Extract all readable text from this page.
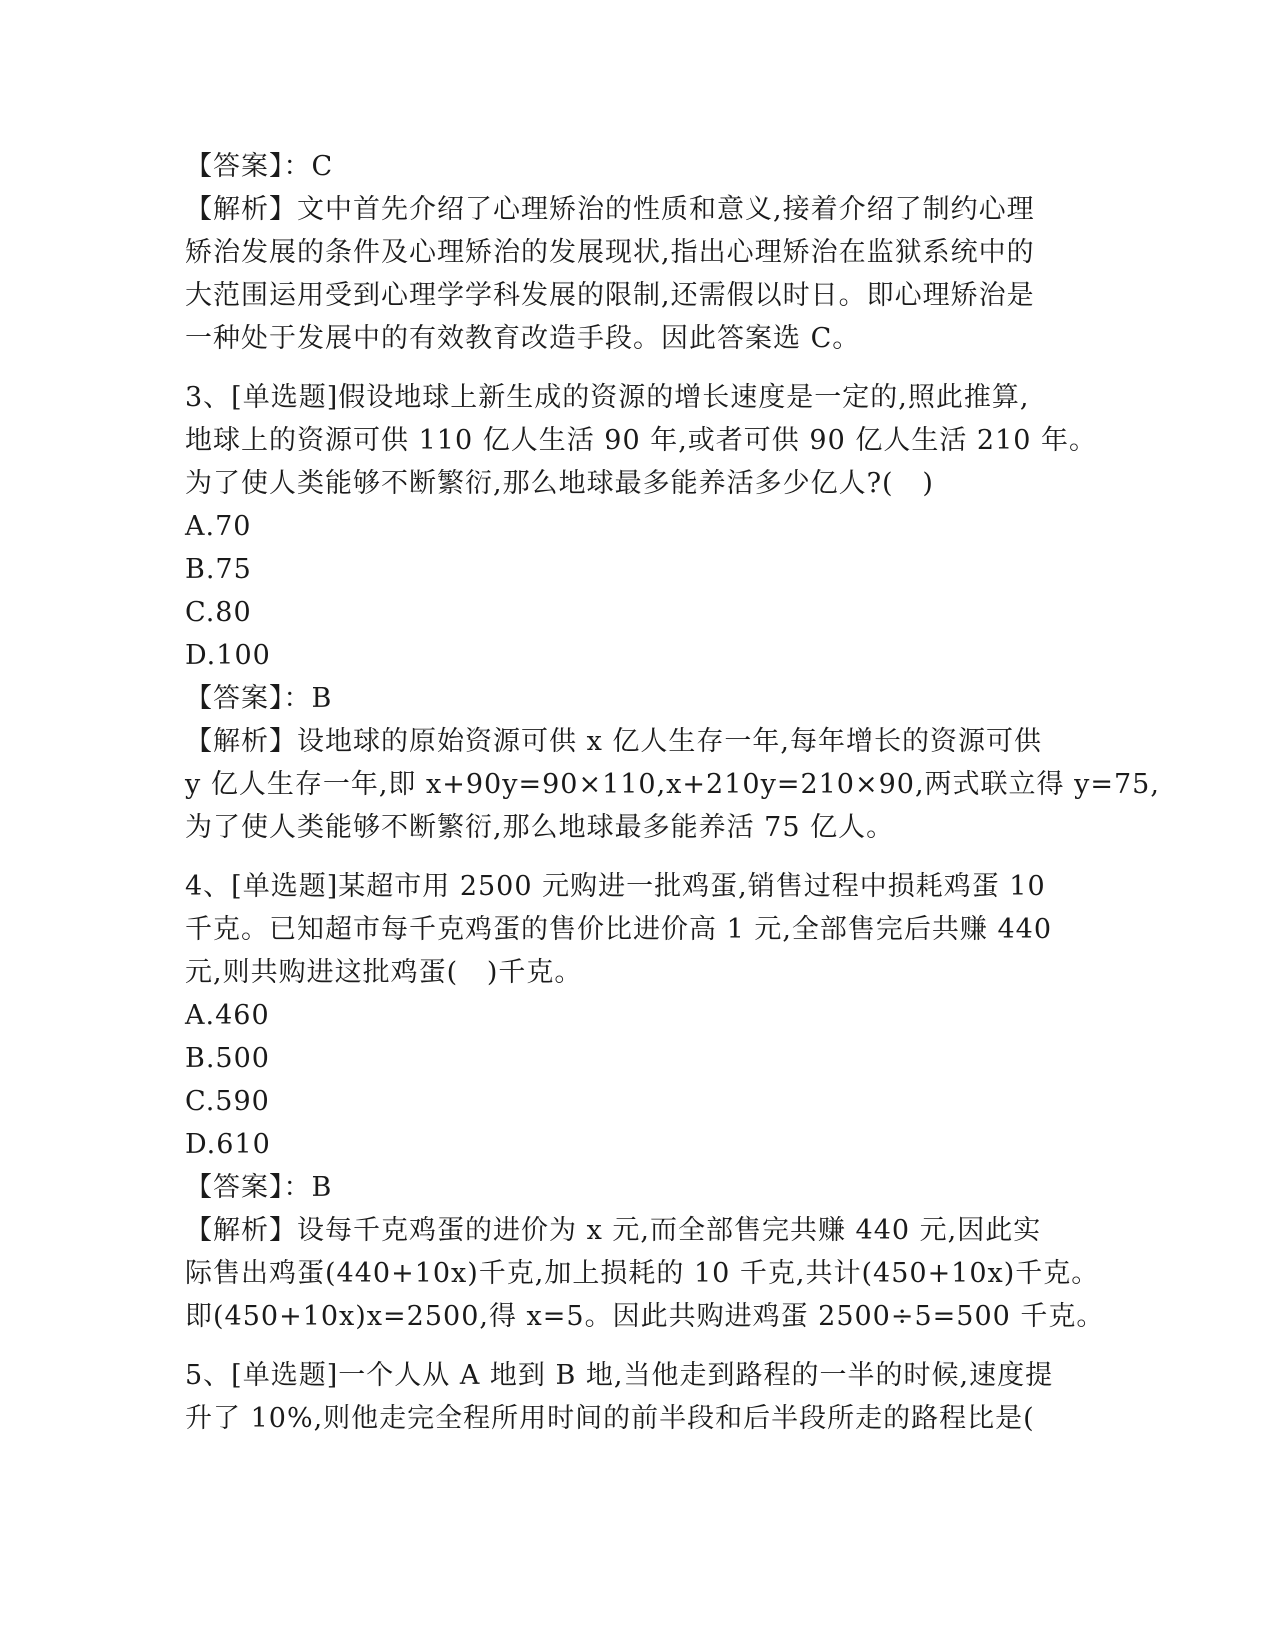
【答案】：C
【解析】文中首先介绍了心理矫治的性质和意义,接着介绍了制约心理
矫治发展的条件及心理矫治的发展现状,指出心理矫治在监狱系统中的
大范围运用受到心理学学科发展的限制,还需假以时日。即心理矫治是
一种处于发展中的有效教育改造手段。因此答案选 C。
3、[单选题]假设地球上新生成的资源的增长速度是一定的,照此推算,
地球上的资源可供 110 亿人生活 90 年,或者可供 90 亿人生活 210 年。
为了使人类能够不断繁衍,那么地球最多能养活多少亿人?(   )
A.70
B.75
C.80
D.100
【答案】：B
【解析】设地球的原始资源可供 x 亿人生存一年,每年增长的资源可供
y 亿人生存一年,即 x+90y=90×110,x+210y=210×90,两式联立得 y=75,
为了使人类能够不断繁衍,那么地球最多能养活 75 亿人。
4、[单选题]某超市用 2500 元购进一批鸡蛋,销售过程中损耗鸡蛋 10
千克。已知超市每千克鸡蛋的售价比进价高 1 元,全部售完后共赚 440
元,则共购进这批鸡蛋(   )千克。
A.460
B.500
C.590
D.610
【答案】：B
【解析】设每千克鸡蛋的进价为 x 元,而全部售完共赚 440 元,因此实
际售出鸡蛋(440+10x)千克,加上损耗的 10 千克,共计(450+10x)千克。
即(450+10x)x=2500,得 x=5。因此共购进鸡蛋 2500÷5=500 千克。
5、[单选题]一个人从 A 地到 B 地,当他走到路程的一半的时候,速度提
升了 10%,则他走完全程所用时间的前半段和后半段所走的路程比是(
